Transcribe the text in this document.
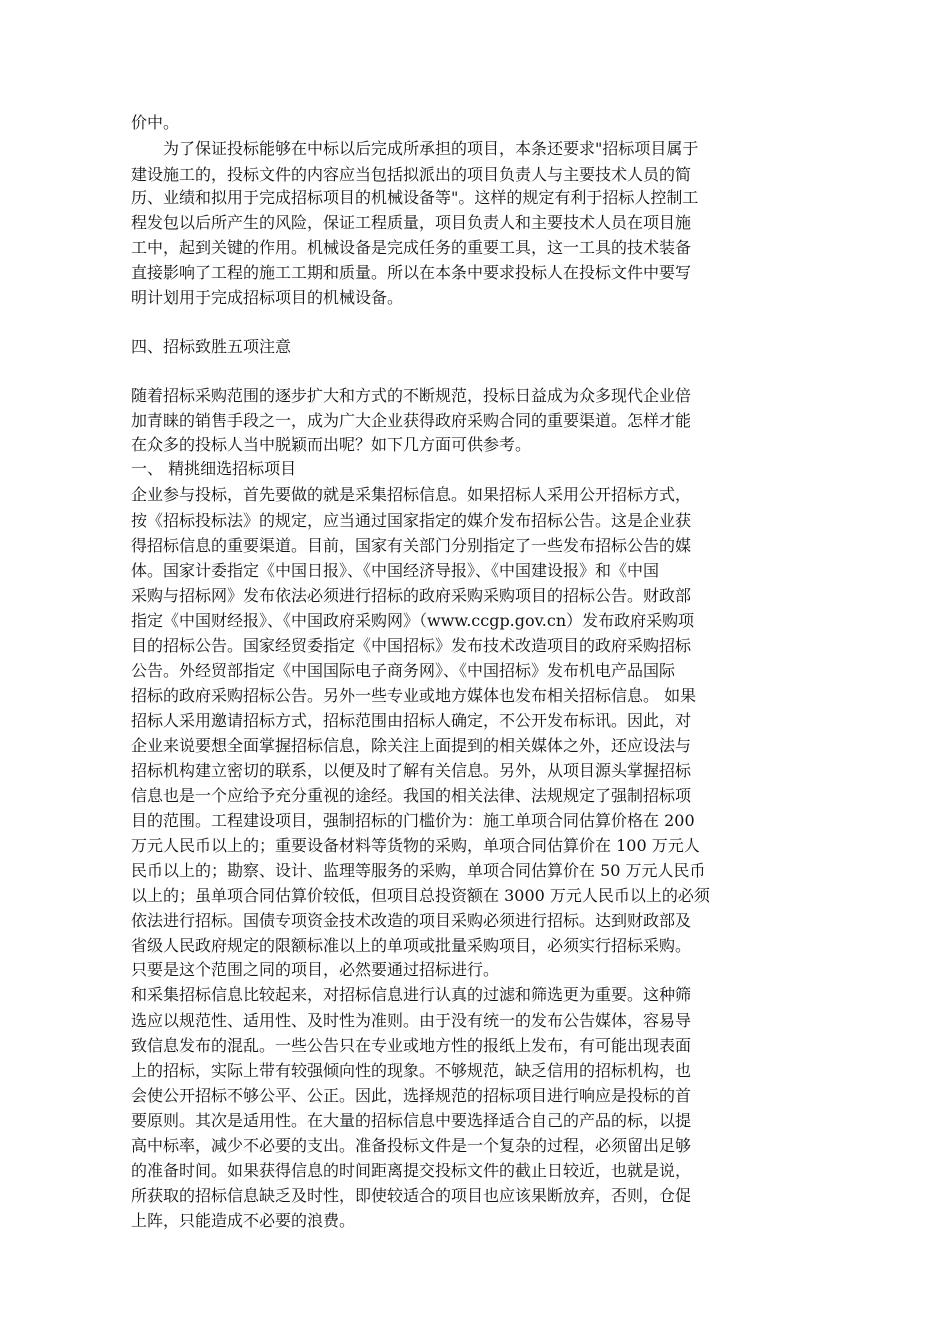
价中。
为了保证投标能够在中标以后完成所承担的项目，本条还要求"招标项目属于
建设施工的，投标文件的内容应当包括拟派出的项目负责人与主要技术人员的简
历、业绩和拟用于完成招标项目的机械设备等"。这样的规定有利于招标人控制工
程发包以后所产生的风险，保证工程质量，项目负责人和主要技术人员在项目施
工中，起到关键的作用。机械设备是完成任务的重要工具，这一工具的技术装备
直接影响了工程的施工工期和质量。所以在本条中要求投标人在投标文件中要写
明计划用于完成招标项目的机械设备。
四、招标致胜五项注意
随着招标采购范围的逐步扩大和方式的不断规范，投标日益成为众多现代企业倍
加青睐的销售手段之一，成为广大企业获得政府采购合同的重要渠道。怎样才能
在众多的投标人当中脱颖而出呢？如下几方面可供参考。
一、 精挑细选招标项目
企业参与投标，首先要做的就是采集招标信息。如果招标人采用公开招标方式，
按《招标投标法》的规定，应当通过国家指定的媒介发布招标公告。这是企业获
得招标信息的重要渠道。目前，国家有关部门分别指定了一些发布招标公告的媒
体。国家计委指定《中国日报》、《中国经济导报》、《中国建设报》和《中国
采购与招标网》发布依法必须进行招标的政府采购采购项目的招标公告。财政部
指定《中国财经报》、《中国政府采购网》（www.ccgp.gov.cn）发布政府采购项
目的招标公告。国家经贸委指定《中国招标》发布技术改造项目的政府采购招标
公告。外经贸部指定《中国国际电子商务网》、《中国招标》发布机电产品国际
招标的政府采购招标公告。另外一些专业或地方媒体也发布相关招标信息。 如果
招标人采用邀请招标方式，招标范围由招标人确定，不公开发布标讯。因此，对
企业来说要想全面掌握招标信息，除关注上面提到的相关媒体之外，还应设法与
招标机构建立密切的联系，以便及时了解有关信息。另外，从项目源头掌握招标
信息也是一个应给予充分重视的途经。我国的相关法律、法规规定了强制招标项
目的范围。工程建设项目，强制招标的门槛价为：施工单项合同估算价格在 200
万元人民币以上的；重要设备材料等货物的采购，单项合同估算价在 100 万元人
民币以上的；勘察、设计、监理等服务的采购，单项合同估算价在 50 万元人民币
以上的；虽单项合同估算价较低，但项目总投资额在 3000 万元人民币以上的必须
依法进行招标。国债专项资金技术改造的项目采购必须进行招标。达到财政部及
省级人民政府规定的限额标准以上的单项或批量采购项目，必须实行招标采购。
只要是这个范围之同的项目，必然要通过招标进行。
和采集招标信息比较起来，对招标信息进行认真的过滤和筛选更为重要。这种筛
选应以规范性、适用性、及时性为准则。由于没有统一的发布公告媒体，容易导
致信息发布的混乱。一些公告只在专业或地方性的报纸上发布，有可能出现表面
上的招标，实际上带有较强倾向性的现象。不够规范，缺乏信用的招标机构，也
会使公开招标不够公平、公正。因此，选择规范的招标项目进行响应是投标的首
要原则。其次是适用性。在大量的招标信息中要选择适合自己的产品的标，以提
高中标率，减少不必要的支出。准备投标文件是一个复杂的过程，必须留出足够
的准备时间。如果获得信息的时间距离提交投标文件的截止日较近，也就是说，
所获取的招标信息缺乏及时性，即使较适合的项目也应该果断放弃，否则，仓促
上阵，只能造成不必要的浪费。
